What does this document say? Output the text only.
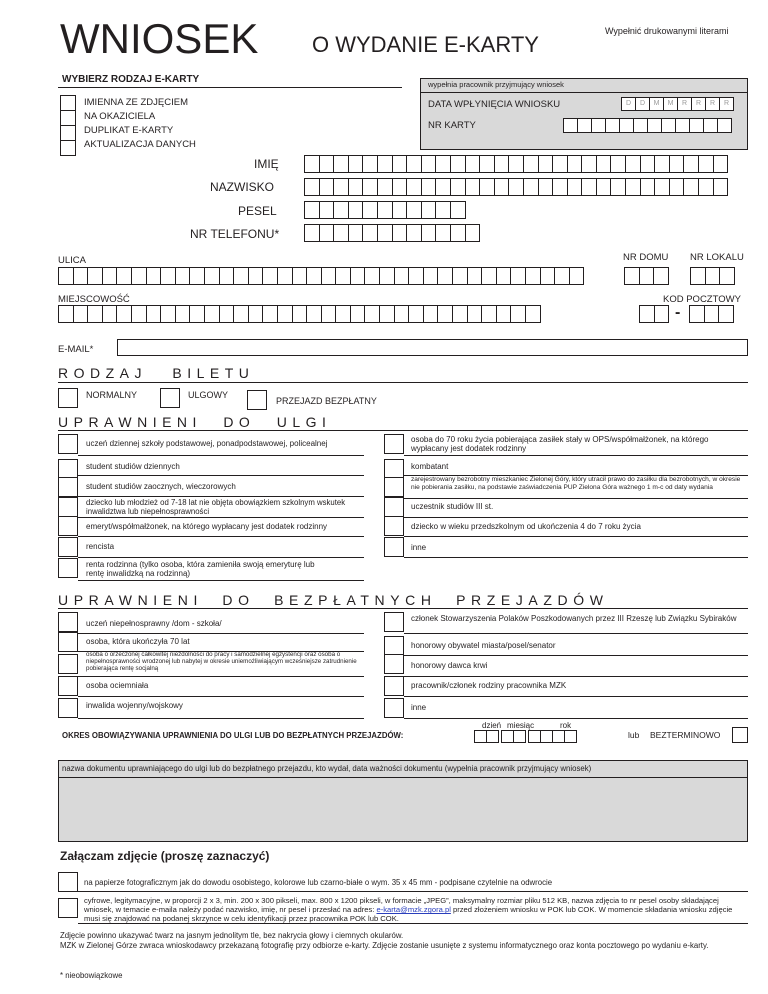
WNIOSEK O WYDANIE E-KARTY
Wypełnić drukowanymi literami
WYBIERZ RODZAJ E-KARTY
IMIENNA ZE ZDJĘCIEM
NA OKAZICIELA
DUPLIKAT E-KARTY
AKTUALIZACJA DANYCH
wypełnia pracownik przyjmujący wniosek
DATA WPŁYNIĘCIA WNIOSKU	D	D	M	M	R	R	R	R
NR KARTY
IMIĘ
NAZWISKO
PESEL
NR TELEFONU*
ULICA	NR DOMU NR LOKALU
MIEJSCOWOŚĆ	KOD POCZTOWY
-
E-MAIL*
RODZAJ BILETU
NORMALNY	ULGOWY
PRZEJAZD BEZPŁATNY
UPRAWNIENI DO ULGI
uczeń dziennej szkoły podstawowej, ponadpodstawowej, policealnej
student studiów dziennych
student studiów zaocznych, wieczorowych
dziecko lub młodzież od 7-18 lat nie objęta obowiązkiem szkolnym wskutek inwalidztwa lub niepełnosprawności
emeryt/współmałżonek, na którego wypłacany jest dodatek rodzinny
rencista
renta rodzinna (tylko osoba, która zamieniła swoją emeryturę lub rentę inwalidzką na rodzinną)
osoba do 70 roku życia pobierająca zasiłek stały w OPS/współmałżonek, na którego wypłacany jest dodatek rodzinny
kombatant
zarejestrowany bezrobotny mieszkaniec Zielonej Góry, który utracił prawo do zasiłku dla bezrobotnych, w okresie nie pobierania zasiłku, na podstawie zaświadczenia PUP Zielona Góra ważnego 1 m-c od daty wydania
uczestnik studiów III st.
dziecko w wieku przedszkolnym od ukończenia 4 do 7 roku życia
inne
UPRAWNIENI DO BEZPŁATNYCH PRZEJAZDÓW
uczeń niepełnosprawny /dom - szkoła/
osoba, która ukończyła 70 lat
osoba o orzeczonej całkowitej niezdolności do pracy i samodzielnej egzystencji oraz osoba o niepełnosprawności wrodzonej lub nabytej w okresie uniemożliwiającym wcześniejsze zatrudnienie pobierająca rentę socjalną
osoba ociemniała
inwalida wojenny/wojskowy
członek Stowarzyszenia Polaków Poszkodowanych przez III Rzeszę lub Związku Sybiraków
honorowy obywatel miasta/posel/senator
honorowy dawca krwi
pracownik/członek rodziny pracownika MZK
inne
OKRES OBOWIĄZYWANIA UPRAWNIENIA DO ULGI LUB DO BEZPŁATNYCH PRZEJAZDÓW:
dzień miesiąc	rok
lub BEZTERMINOWO
nazwa dokumentu uprawniającego do ulgi lub do bezpłatnego przejazdu, kto wydał, data ważności dokumentu (wypełnia pracownik przyjmujący wniosek)
Załączam zdjęcie (proszę zaznaczyć)
na papierze fotograficznym jak do dowodu osobistego, kolorowe lub czarno-białe o wym. 35 x 45 mm - podpisane czytelnie na odwrocie
cyfrowe, legitymacyjne, w proporcji 2 x 3, min. 200 x 300 pikseli, max. 800 x 1200 pikseli, w formacie „JPEG”, maksymalny rozmiar pliku 512 KB, nazwa zdjęcia to nr pesel osoby składającej wniosek, w temacie e-maila należy podać nazwisko, imię, nr pesel i przesłać na adres: e-karta@mzk.zgora.pl przed złożeniem wniosku w POK lub COK. W momencie składania wniosku zdjęcie musi się znajdować na podanej skrzynce w celu identyfikacji przez pracownika POK lub COK.
Zdjęcie powinno ukazywać twarz na jasnym jednolitym tle, bez nakrycia głowy i ciemnych okularów.
MZK w Zielonej Górze zwraca wnioskodawcy przekazaną fotografię przy odbiorze e-karty. Zdjęcie zostanie usunięte z systemu informatycznego oraz konta pocztowego po wydaniu e-karty.
* nieobowiązkowe
